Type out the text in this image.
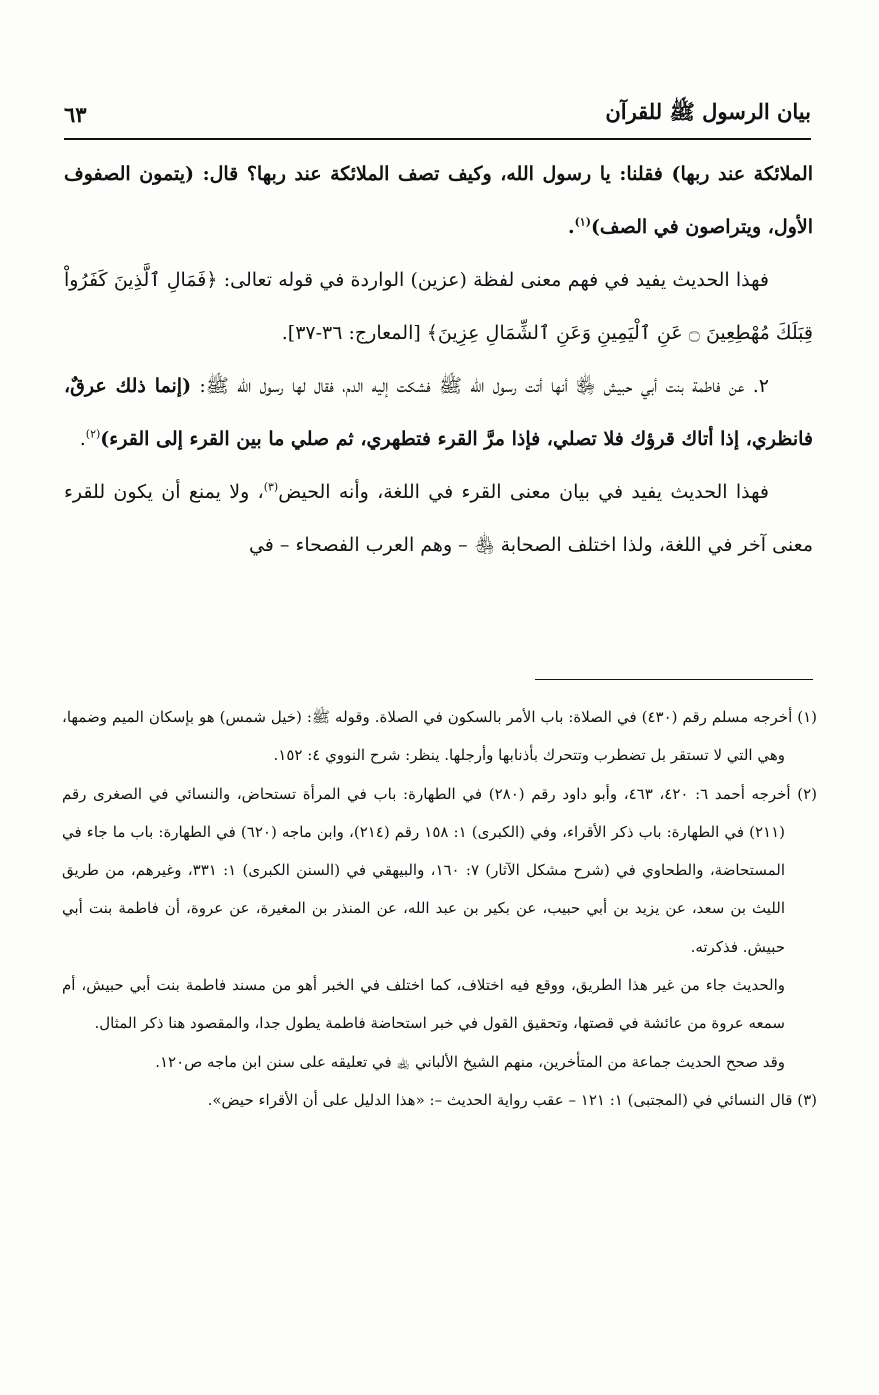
بيان الرسول ﷺ للقرآن
٦٣

الملائكة عند ربها) فقلنا: يا رسول الله، وكيف تصف الملائكة عند ربها؟ قال: (يتمون الصفوف الأول، ويتراصون في الصف)$^{(١)}$.

فهذا الحديث يفيد في فهم معنى لفظة (عزين) الواردة في قوله تعالى: ﴿فَمَالِ ٱلَّذِينَ كَفَرُواْ قِبَلَكَ مُهْطِعِينَ ۝ عَنِ ٱلْيَمِينِ وَعَنِ ٱلشِّمَالِ عِزِينَ﴾ [المعارج: ٣٦-٣٧].

٢. عن فاطمة بنت أبي حبيش ﵂ أنها أتت رسول الله ﷺ فشكت إليه الدم، فقال لها رسول الله ﷺ: (إنما ذلك عرقٌ، فانظري، إذا أتاك قرؤك فلا تصلي، فإذا مرَّ القرء فتطهري، ثم صلي ما بين القرء إلى القرء)$^{(٢)}$.

فهذا الحديث يفيد في بيان معنى القرء في اللغة، وأنه الحيض$^{(٣)}$، ولا يمنع أن يكون للقرء معنى آخر في اللغة، ولذا اختلف الصحابة ﵃ – وهم العرب الفصحاء – في

(١) أخرجه مسلم رقم (٤٣٠) في الصلاة: باب الأمر بالسكون في الصلاة. وقوله ﷺ: (خيل شمس) هو بإسكان الميم وضمها، وهي التي لا تستقر بل تضطرب وتتحرك بأذنابها وأرجلها. ينظر: شرح النووي ٤: ١٥٢.

(٢) أخرجه أحمد ٦: ٤٢٠، ٤٦٣، وأبو داود رقم (٢٨٠) في الطهارة: باب في المرأة تستحاض، والنسائي في الصغرى رقم (٢١١) في الطهارة: باب ذكر الأقراء، وفي (الكبرى) ١: ١٥٨ رقم (٢١٤)، وابن ماجه (٦٢٠) في الطهارة: باب ما جاء في المستحاضة، والطحاوي في (شرح مشكل الآثار) ٧: ١٦٠، والبيهقي في (السنن الكبرى) ١: ٣٣١، وغيرهم، من طريق الليث بن سعد، عن يزيد بن أبي حبيب، عن بكير بن عبد الله، عن المنذر بن المغيرة، عن عروة، أن فاطمة بنت أبي حبيش. فذكرته.

والحديث جاء من غير هذا الطريق، ووقع فيه اختلاف، كما اختلف في الخبر أهو من مسند فاطمة بنت أبي حبيش، أم سمعه عروة من عائشة في قصتها، وتحقيق القول في خبر استحاضة فاطمة يطول جدا، والمقصود هنا ذكر المثال.

وقد صحح الحديث جماعة من المتأخرين، منهم الشيخ الألباني ﵀ في تعليقه على سنن ابن ماجه ص١٢٠.

(٣) قال النسائي في (المجتبى) ١: ١٢١ – عقب رواية الحديث –: «هذا الدليل على أن الأقراء حيض».
